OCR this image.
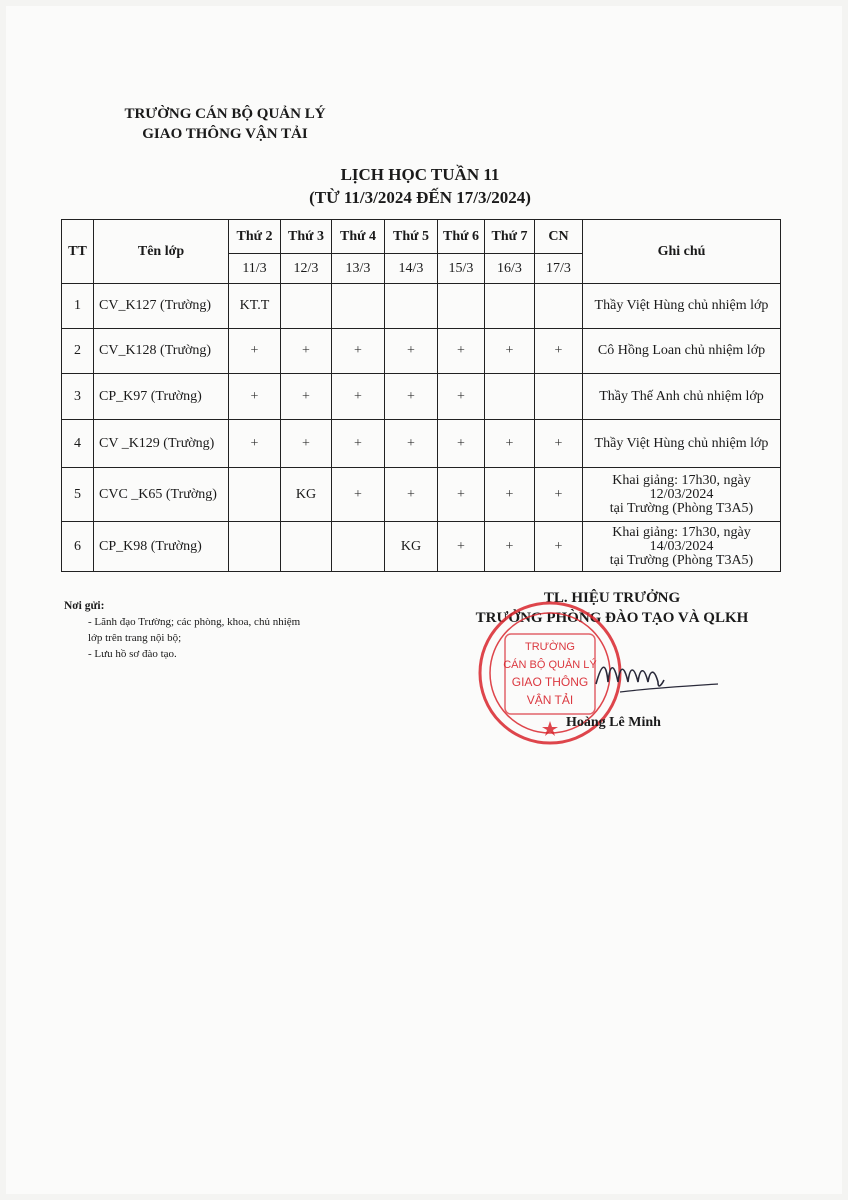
TRƯỜNG CÁN BỘ QUẢN LÝ
GIAO THÔNG VẬN TẢI
LỊCH HỌC TUẦN 11
(TỪ 11/3/2024 ĐẾN 17/3/2024)
TT	Tên lớp	Thứ 2	Thứ 3	Thứ 4	Thứ 5	Thứ 6	Thứ 7	CN	Ghi chú
		11/3	12/3	13/3	14/3	15/3	16/3	17/3	
1	CV_K127 (Trường)	KT.T							Thầy Việt Hùng chủ nhiệm lớp

2	CV_K128 (Trường)	+	+	+	+	+	+	+	Cô Hồng Loan chủ nhiệm lớp

3	CP_K97 (Trường)	+	+	+	+	+			Thầy Thế Anh chủ nhiệm lớp

4	CV _K129 (Trường)	+	+	+	+	+	+	+	Thầy Việt Hùng chủ nhiệm lớp

5	CVC _K65 (Trường)		KG	+	+	+	+	+	Khai giảng: 17h30, ngày 12/03/2024
tại Trường (Phòng T3A5)

6	CP_K98 (Trường)				KG	+	+	+	Khai giảng: 17h30, ngày 14/03/2024
tại Trường (Phòng T3A5)
Nơi gửi:
- Lãnh đạo Trường; các phòng, khoa, chủ nhiệm
lớp trên trang nội bộ;
- Lưu hồ sơ đào tạo.
TL. HIỆU TRƯỞNG
TRƯỞNG PHÒNG ĐÀO TẠO VÀ QLKH
TRƯỜNG
CÁN BỘ QUẢN LÝ
GIAO THÔNG
VẬN TẢI
Hoàng Lê Minh
